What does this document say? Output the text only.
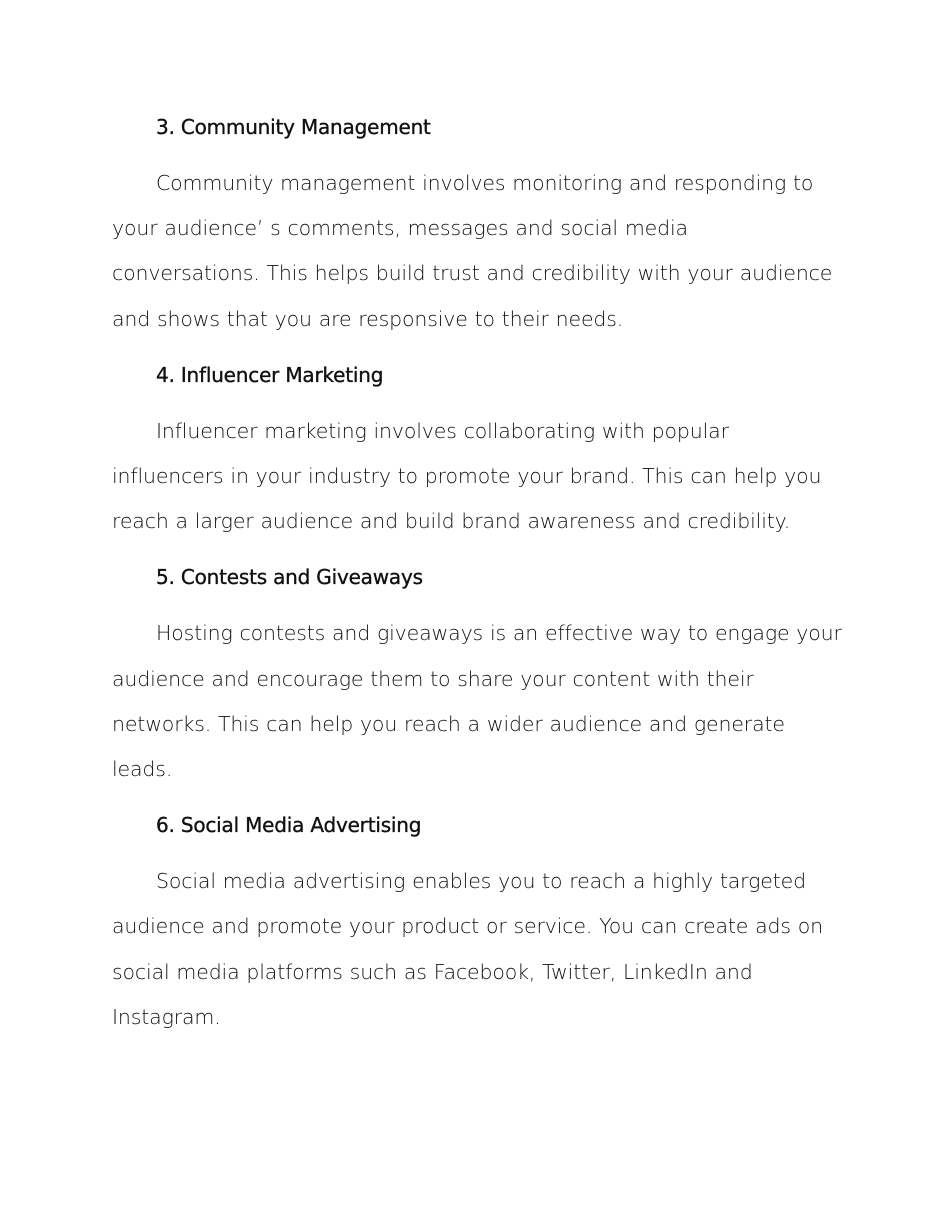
3. Community Management

Community management involves monitoring and responding to your audience’ s comments, messages and social media conversations. This helps build trust and credibility with your audience and shows that you are responsive to their needs.

4. Influencer Marketing

Influencer marketing involves collaborating with popular influencers in your industry to promote your brand. This can help you reach a larger audience and build brand awareness and credibility.

5. Contests and Giveaways

Hosting contests and giveaways is an effective way to engage your audience and encourage them to share your content with their networks. This can help you reach a wider audience and generate leads.

6. Social Media Advertising

Social media advertising enables you to reach a highly targeted audience and promote your product or service. You can create ads on social media platforms such as Facebook, Twitter, LinkedIn and Instagram.
